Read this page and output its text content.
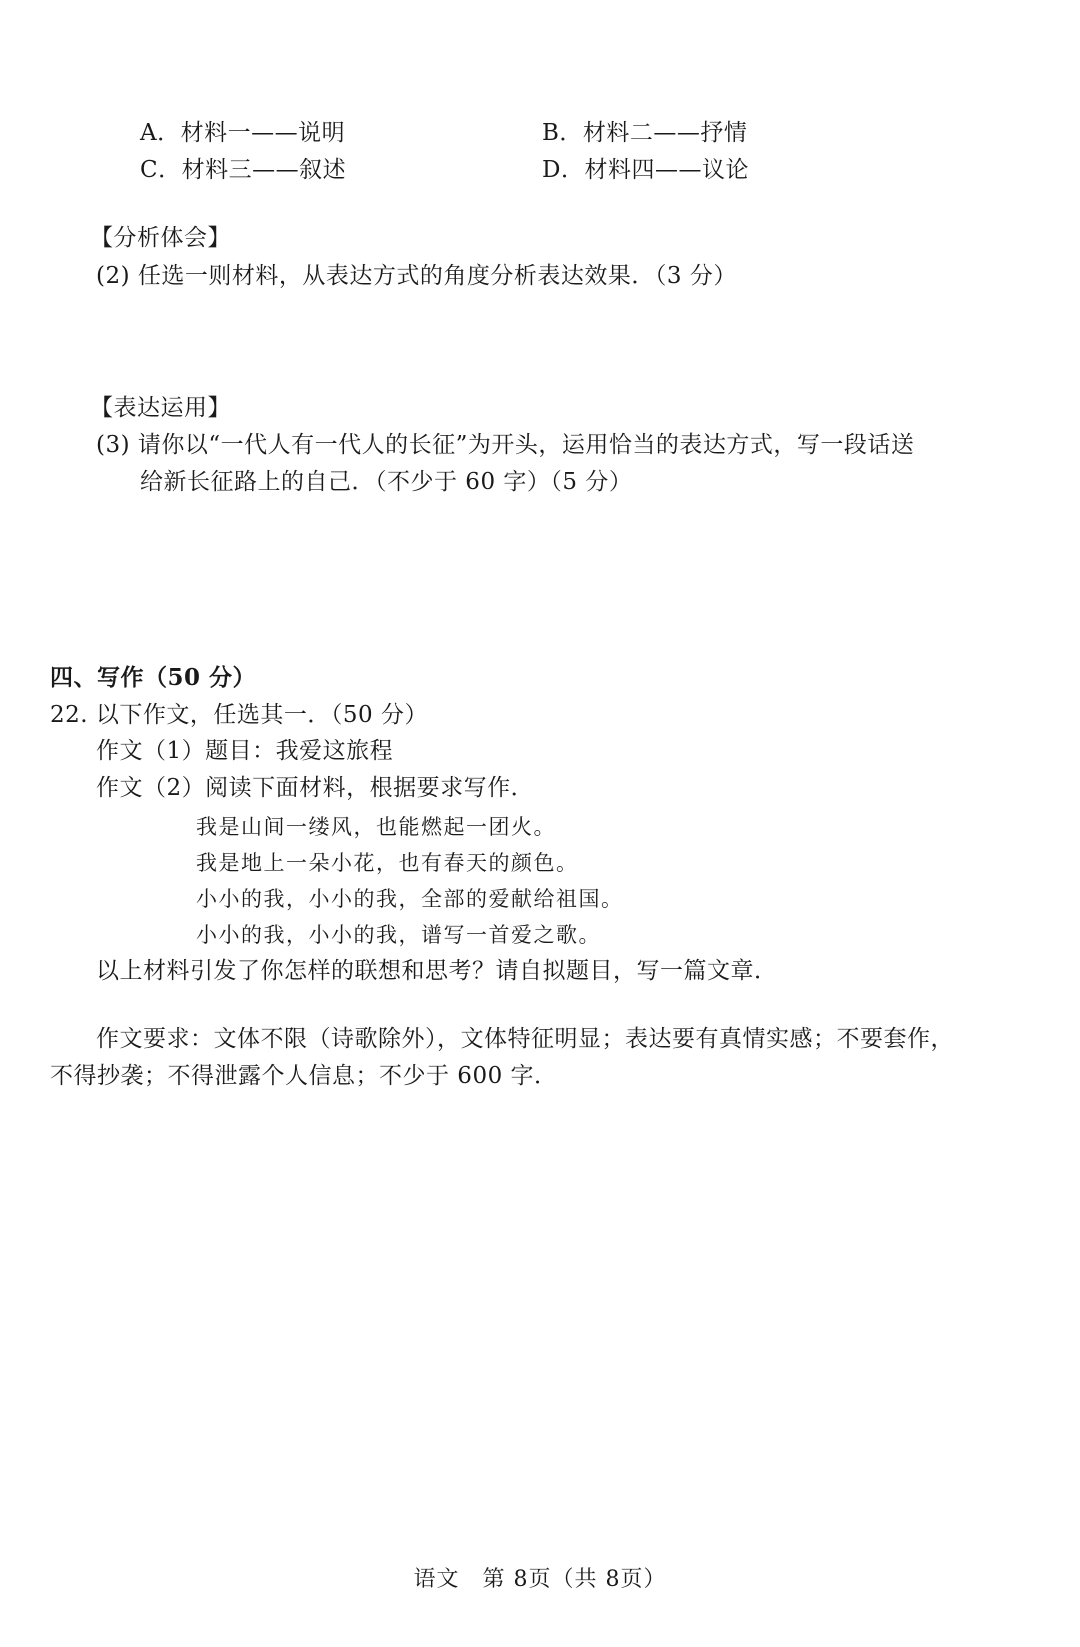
A．材料一——说明	B．材料二——抒情
C．材料三——叙述	D．材料四——议论
【分析体会】
(2) 任选一则材料，从表达方式的角度分析表达效果．（3 分）
【表达运用】
(3) 请你以“一代人有一代人的长征”为开头，运用恰当的表达方式，写一段话送
给新长征路上的自己．（不少于 60 字）（5 分）
四、写作（50 分）
22. 以下作文，任选其一．（50 分）
作文（1）题目：我爱这旅程
作文（2）阅读下面材料，根据要求写作．
我是山间一缕风，也能燃起一团火。
我是地上一朵小花，也有春天的颜色。
小小的我，小小的我，全部的爱献给祖国。
小小的我，小小的我，谱写一首爱之歌。
以上材料引发了你怎样的联想和思考？请自拟题目，写一篇文章．
作文要求：文体不限（诗歌除外），文体特征明显；表达要有真情实感；不要套作，
不得抄袭；不得泄露个人信息；不少于 600 字．
语文　第 8页（共 8页）
